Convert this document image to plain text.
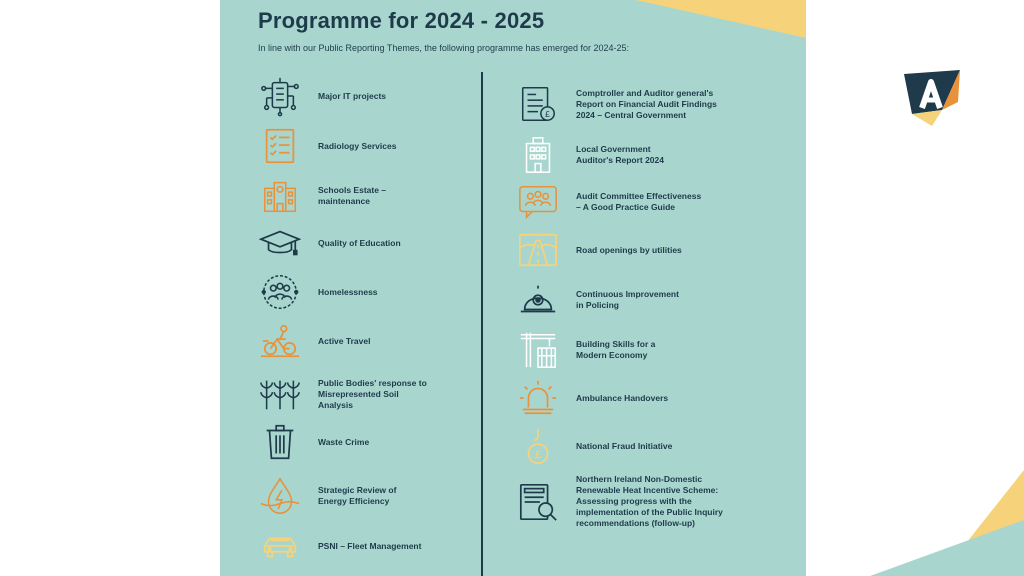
Programme for 2024 - 2025
In line with our Public Reporting Themes, the following programme has emerged for 2024-25:
Major IT projects
Radiology Services
Schools Estate –
maintenance
Quality of Education
Homelessness
Active Travel
Public Bodies' response to
Misrepresented Soil
Analysis
Waste Crime
Strategic Review of
Energy Efficiency
PSNI – Fleet Management
£
Comptroller and Auditor general's
Report on Financial Audit Findings
2024 – Central Government
Local Government
Auditor's Report 2024
Audit Committee Effectiveness
– A Good Practice Guide
Road openings by utilities
Continuous Improvement
in Policing
Building Skills for a
Modern Economy
Ambulance Handovers
£
National Fraud Initiative
Northern Ireland Non-Domestic
Renewable Heat Incentive Scheme:
Assessing progress with the
implementation of the Public Inquiry
recommendations (follow-up)
